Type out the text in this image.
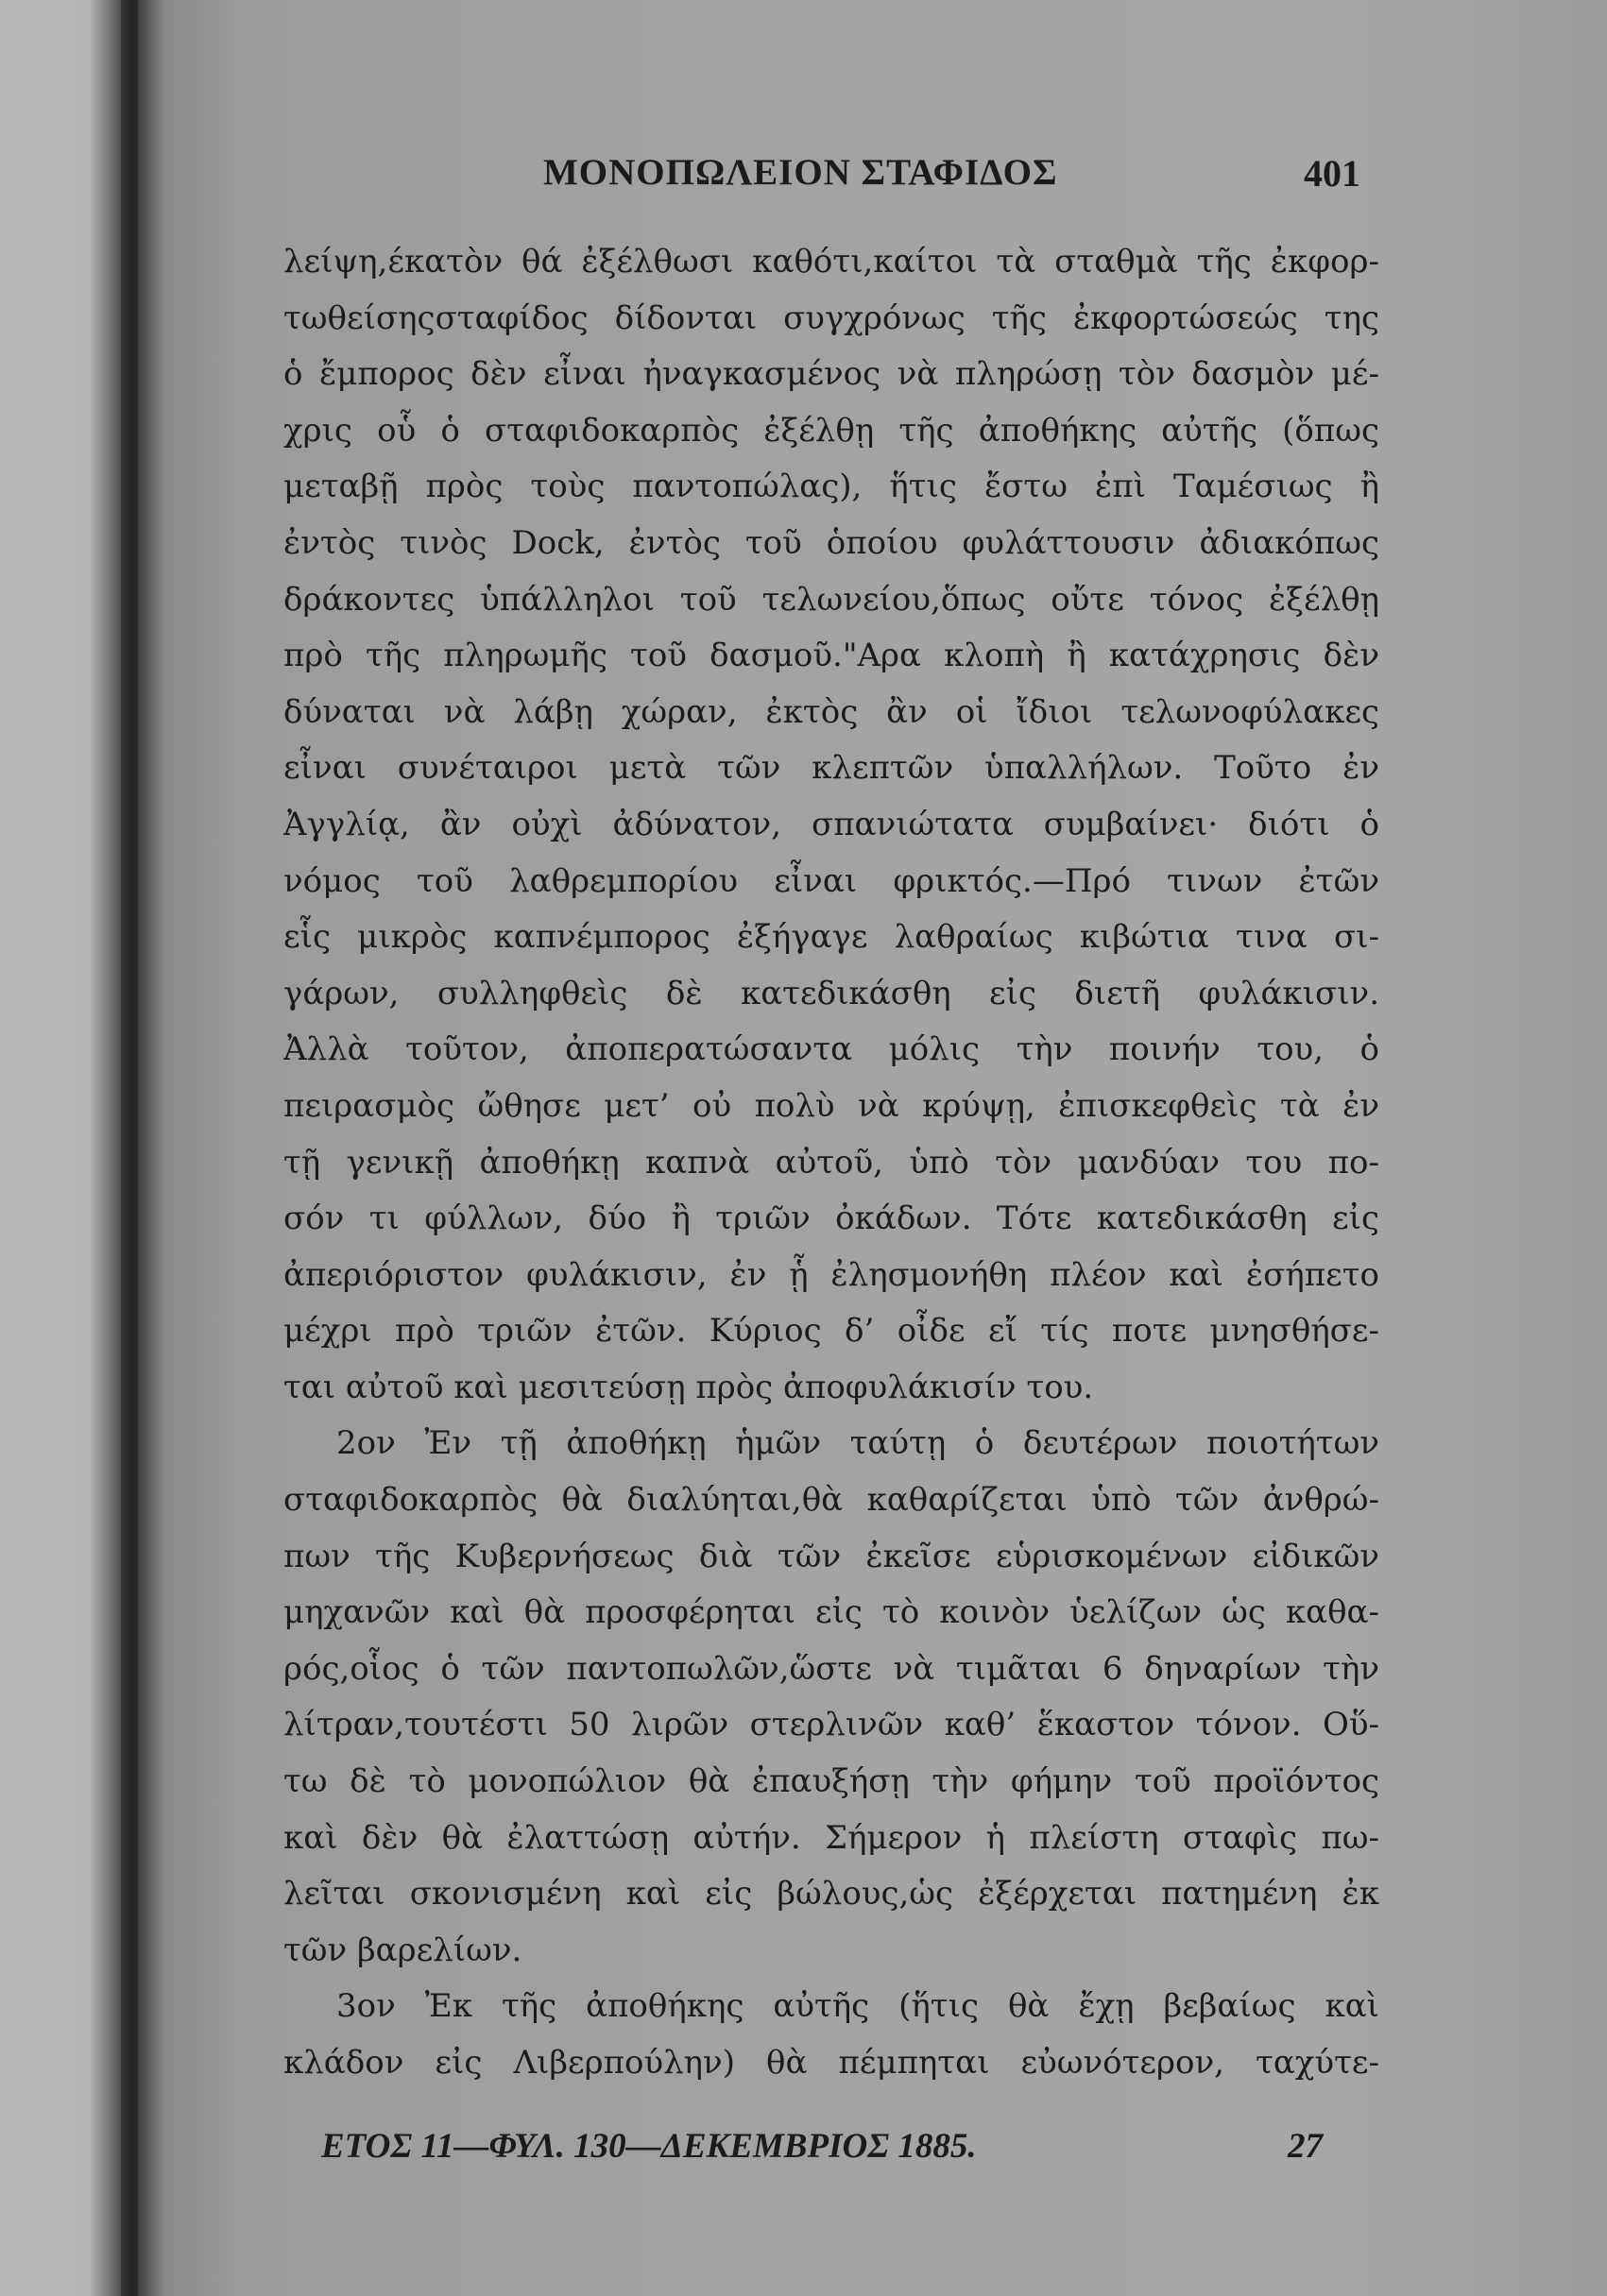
ΜΟΝΟΠΩΛΕΙΟΝ ΣΤΑΦΙΔΟΣ	401
λείψη,έκατὸν θά ἐξέλθωσι καθότι,καίτοι τὰ σταθμὰ τῆς ἐκφορ-
τωθείσηςσταφίδος δίδονται συγχρόνως τῆς ἐκφορτώσεώς της
ὁ ἔμπορος δὲν εἶναι ἠναγκασμένος νὰ πληρώσῃ τὸν δασμὸν μέ-
χρις οὗ ὁ σταφιδοκαρπὸς ἐξέλθῃ τῆς ἀποθήκης αὐτῆς (ὅπως
μεταβῇ πρὸς τοὺς παντοπώλας), ἥτις ἔστω ἐπὶ Ταμέσιως ἢ
ἐντὸς τινὸς Dock, ἐντὸς τοῦ ὁποίου φυλάττουσιν ἀδιακόπως
δράκοντες ὑπάλληλοι τοῦ τελωνείου,ὅπως οὔτε τόνος ἐξέλθῃ
πρὸ τῆς πληρωμῆς τοῦ δασμοῦ."Αρα κλοπὴ ἢ κατάχρησις δὲν
δύναται νὰ λάβῃ χώραν, ἐκτὸς ἂν οἱ ἴδιοι τελωνοφύλακες
εἶναι συνέταιροι μετὰ τῶν κλεπτῶν ὑπαλλήλων. Τοῦτο ἐν
Ἀγγλίᾳ, ἂν οὐχὶ ἀδύνατον, σπανιώτατα συμβαίνει· διότι ὁ
νόμος τοῦ λαθρεμπορίου εἶναι φρικτός.—Πρό τινων ἐτῶν
εἷς μικρὸς καπνέμπορος ἐξήγαγε λαθραίως κιβώτια τινα σι-
γάρων, συλληφθεὶς δὲ κατεδικάσθη εἰς διετῆ φυλάκισιν.
Ἀλλὰ τοῦτον, ἀποπερατώσαντα μόλις τὴν ποινήν του, ὁ
πειρασμὸς ὤθησε μετ’ οὐ πολὺ νὰ κρύψῃ, ἐπισκεφθεὶς τὰ ἐν
τῇ γενικῇ ἀποθήκῃ καπνὰ αὐτοῦ, ὑπὸ τὸν μανδύαν του πο-
σόν τι φύλλων, δύο ἢ τριῶν ὀκάδων. Τότε κατεδικάσθη εἰς
ἀπεριόριστον φυλάκισιν, ἐν ᾗ ἐλησμονήθη πλέον καὶ ἐσήπετο
μέχρι πρὸ τριῶν ἐτῶν. Κύριος δ’ οἶδε εἴ τίς ποτε μνησθήσε-
ται αὐτοῦ καὶ μεσιτεύσῃ πρὸς ἀποφυλάκισίν του.
2ον Ἐν τῇ ἀποθήκῃ ἡμῶν ταύτῃ ὁ δευτέρων ποιοτήτων
σταφιδοκαρπὸς θὰ διαλύηται,θὰ καθαρίζεται ὑπὸ τῶν ἀνθρώ-
πων τῆς Κυβερνήσεως διὰ τῶν ἐκεῖσε εὑρισκομένων εἰδικῶν
μηχανῶν καὶ θὰ προσφέρηται εἰς τὸ κοινὸν ὑελίζων ὡς καθα-
ρός,οἷος ὁ τῶν παντοπωλῶν,ὥστε νὰ τιμᾶται 6 δηναρίων τὴν
λίτραν,τουτέστι 50 λιρῶν στερλινῶν καθ’ ἕκαστον τόνον. Οὕ-
τω δὲ τὸ μονοπώλιον θὰ ἐπαυξήσῃ τὴν φήμην τοῦ προϊόντος
καὶ δὲν θὰ ἐλαττώσῃ αὐτήν. Σήμερον ἡ πλείστη σταφὶς πω-
λεῖται σκονισμένη καὶ εἰς βώλους,ὡς ἐξέρχεται πατημένη ἐκ
τῶν βαρελίων.
3ον Ἐκ τῆς ἀποθήκης αὐτῆς (ἥτις θὰ ἔχῃ βεβαίως καὶ
κλάδον εἰς Λιβερπούλην) θὰ πέμπηται εὐωνότερον, ταχύτε-
ΕΤΟΣ 11—ΦΥΛ. 130—ΔΕΚΕΜΒΡΙΟΣ 1885.	27
